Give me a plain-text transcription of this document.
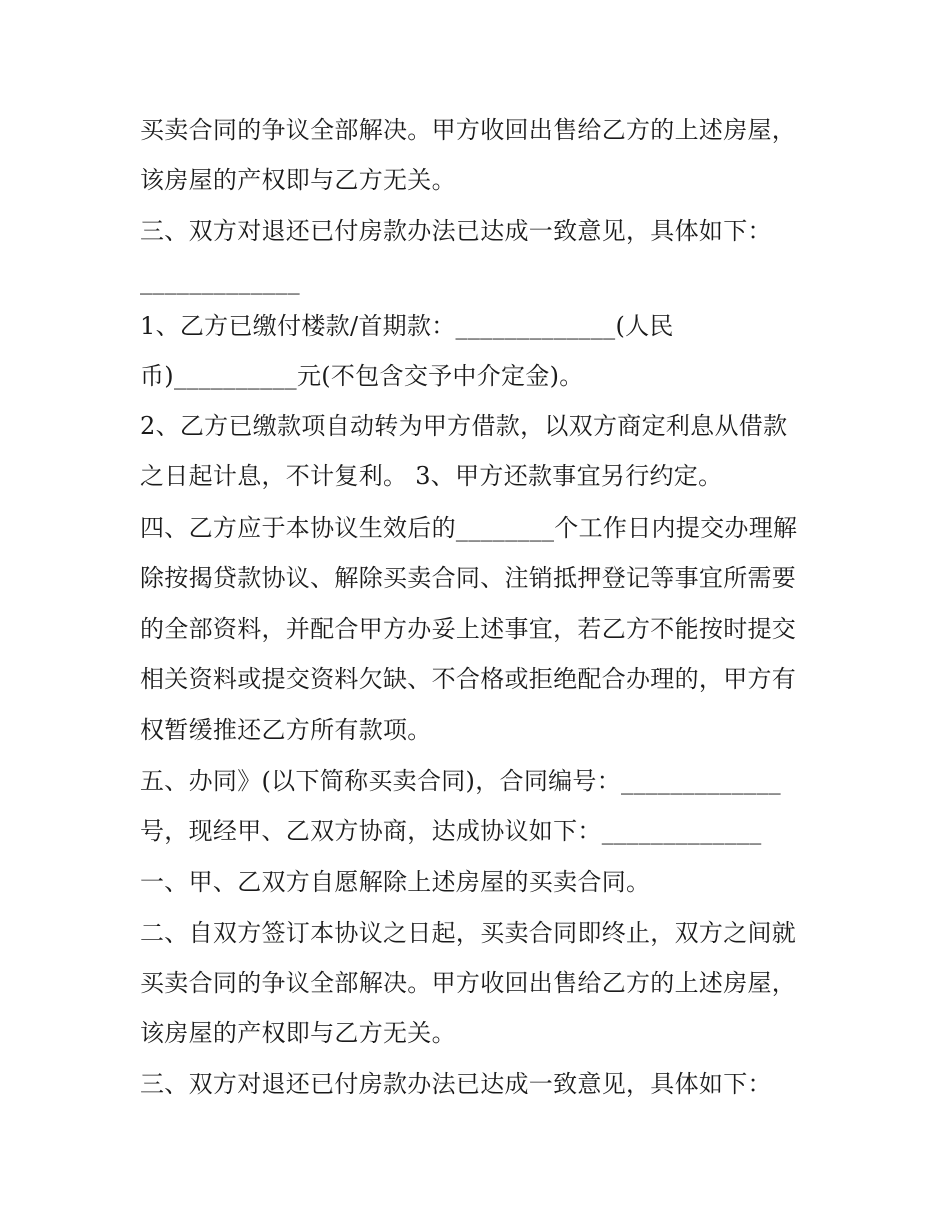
买卖合同的争议全部解决。甲方收回出售给乙方的上述房屋，
该房屋的产权即与乙方无关。
三、双方对退还已付房款办法已达成一致意见，具体如下：
_____________
1、乙方已缴付楼款/首期款：_____________(人民
币)__________元(不包含交予中介定金)。
2、乙方已缴款项自动转为甲方借款，以双方商定利息从借款
之日起计息，不计复利。 3、甲方还款事宜另行约定。
四、乙方应于本协议生效后的________个工作日内提交办理解
除按揭贷款协议、解除买卖合同、注销抵押登记等事宜所需要
的全部资料，并配合甲方办妥上述事宜，若乙方不能按时提交
相关资料或提交资料欠缺、不合格或拒绝配合办理的，甲方有
权暂缓推还乙方所有款项。
五、办同》(以下简称买卖合同)，合同编号：_____________
号，现经甲、乙双方协商，达成协议如下：_____________
一、甲、乙双方自愿解除上述房屋的买卖合同。
二、自双方签订本协议之日起，买卖合同即终止，双方之间就
买卖合同的争议全部解决。甲方收回出售给乙方的上述房屋，
该房屋的产权即与乙方无关。
三、双方对退还已付房款办法已达成一致意见，具体如下：
